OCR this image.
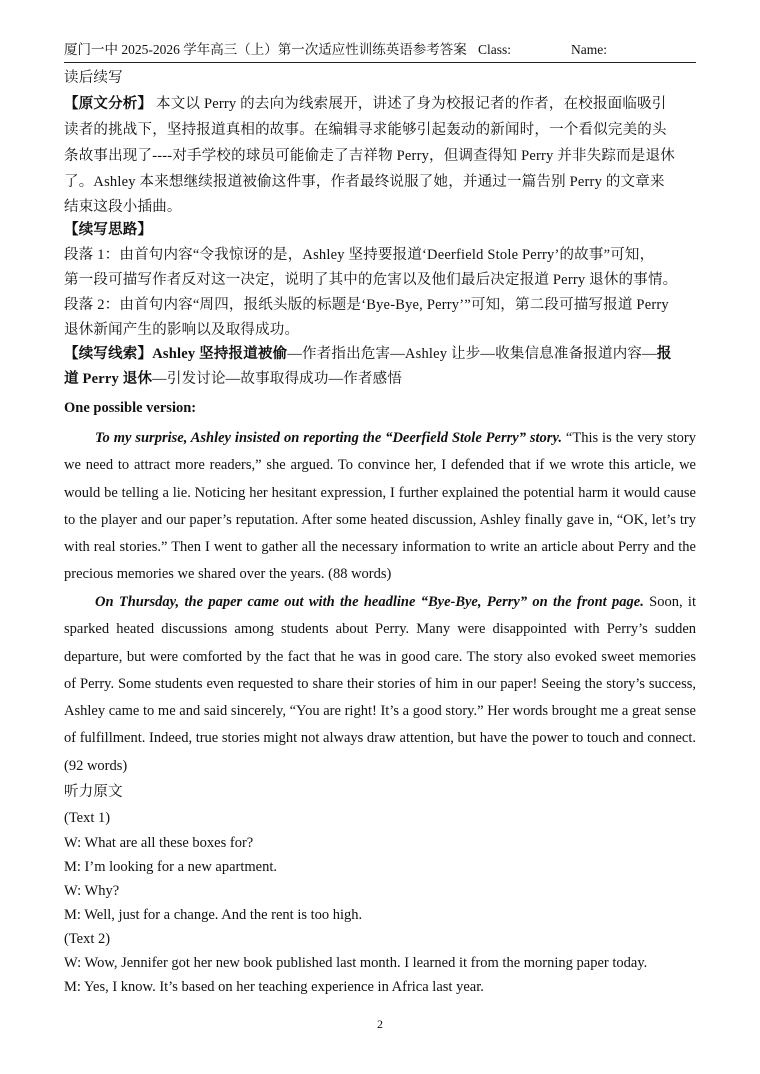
厦门一中 2025-2026 学年高三（上）第一次适应性训练英语参考答案 Class:	Name:
读后续写
【原文分析】 本文以 Perry 的去向为线索展开，讲述了身为校报记者的作者，在校报面临吸引
读者的挑战下，坚持报道真相的故事。在编辑寻求能够引起轰动的新闻时，一个看似完美的头
条故事出现了----对手学校的球员可能偷走了吉祥物 Perry，但调查得知 Perry 并非失踪而是退休
了。Ashley 本来想继续报道被偷这件事，作者最终说服了她，并通过一篇告别 Perry 的文章来
结束这段小插曲。
【续写思路】
段落 1：由首句内容“令我惊讶的是，Ashley 坚持要报道‘Deerfield Stole Perry’的故事”可知，
第一段可描写作者反对这一决定，说明了其中的危害以及他们最后决定报道 Perry 退休的事情。
段落 2：由首句内容“周四，报纸头版的标题是‘Bye-Bye, Perry’”可知，第二段可描写报道 Perry
退休新闻产生的影响以及取得成功。
【续写线索】Ashley 坚持报道被偷—作者指出危害—Ashley 让步—收集信息准备报道内容—报
道 Perry 退休—引发讨论—故事取得成功—作者感悟
One possible version:
To my surprise, Ashley insisted on reporting the “Deerfield Stole Perry” story. “This is the very story we need to attract more readers,” she argued. To convince her, I defended that if we wrote this article, we would be telling a lie. Noticing her hesitant expression, I further explained the potential harm it would cause to the player and our paper’s reputation. After some heated discussion, Ashley finally gave in, “OK, let’s try with real stories.” Then I went to gather all the necessary information to write an article about Perry and the precious memories we shared over the years. (88 words)
On Thursday, the paper came out with the headline “Bye-Bye, Perry” on the front page. Soon, it sparked heated discussions among students about Perry. Many were disappointed with Perry’s sudden departure, but were comforted by the fact that he was in good care. The story also evoked sweet memories of Perry. Some students even requested to share their stories of him in our paper! Seeing the story’s success, Ashley came to me and said sincerely, “You are right! It’s a good story.” Her words brought me a great sense of fulfillment. Indeed, true stories might not always draw attention, but have the power to touch and connect. (92 words)
听力原文
(Text 1)
W: What are all these boxes for?
M: I’m looking for a new apartment.
W: Why?
M: Well, just for a change. And the rent is too high.
(Text 2)
W: Wow, Jennifer got her new book published last month. I learned it from the morning paper today.
M: Yes, I know. It’s based on her teaching experience in Africa last year.
2
